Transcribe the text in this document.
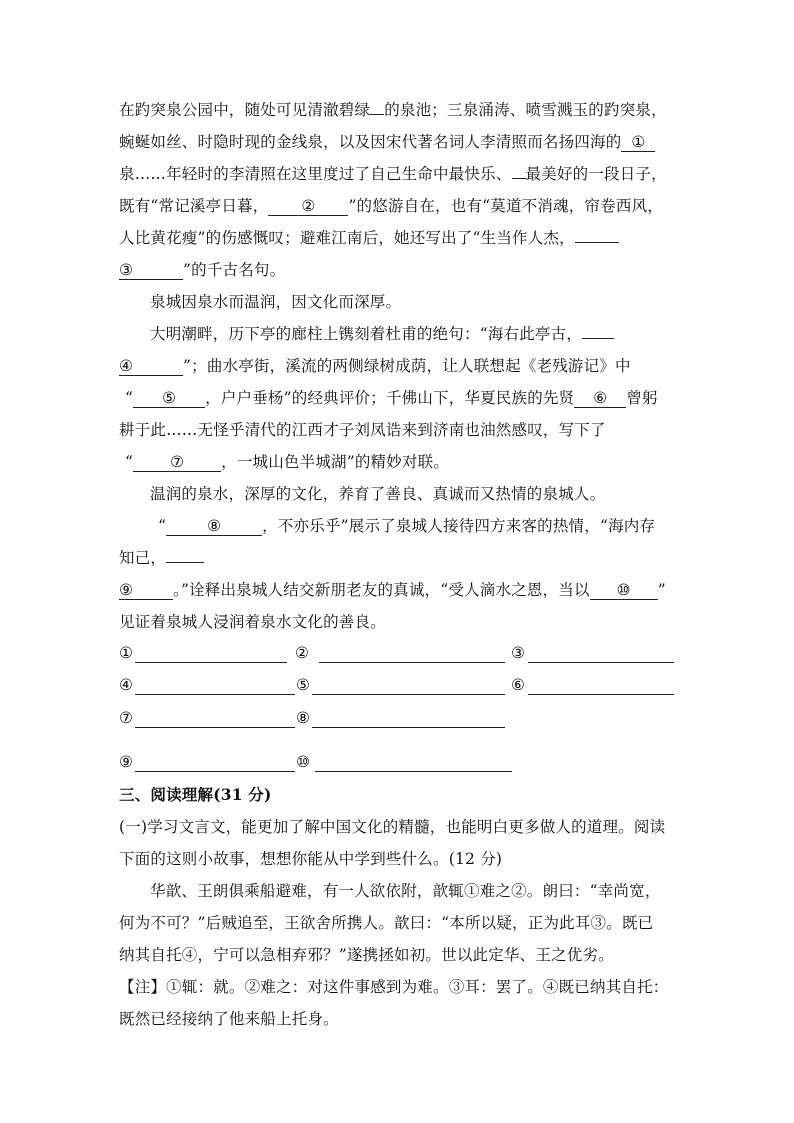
在趵突泉公园中，随处可见清澈碧绿 的泉池；三泉涌涛、喷雪溅玉的趵突泉，
蜿蜒如丝、时隐时现的金线泉，以及因宋代著名词人李清照而名扬四海的 ①
泉……年轻时的李清照在这里度过了自己生命中最快乐、 最美好的一段日子，
既有“常记溪亭日暮， ② ”的悠游自在，也有“莫道不消魂，帘卷西风，
人比黄花瘦”的伤感慨叹；避难江南后，她还写出了“生当作人杰，
③	”的千古名句。
泉城因泉水而温润，因文化而深厚。
大明潮畔，历下亭的廊柱上镌刻着杜甫的绝句：“海右此亭古，
④	”；曲水亭街，溪流的两侧绿树成荫，让人联想起《老残游记》中
“ ⑤ ，户户垂杨”的经典评价；千佛山下，华夏民族的先贤 ⑥ 曾躬
耕于此……无怪乎清代的江西才子刘凤诰来到济南也油然感叹，写下了
“ ⑦ ，一城山色半城湖”的精妙对联。
温润的泉水，深厚的文化，养育了善良、真诚而又热情的泉城人。
“	⑧	，不亦乐乎”展示了泉城人接待四方来客的热情，“海内存
知己，
⑨	。”诠释出泉城人结交新朋老友的真诚，“受人滴水之恩，当以 ⑩ ”
见证着泉城人浸润着泉水文化的善良。
①	②	③
④	⑤	⑥
⑦	⑧
⑨	⑩
三、阅读理解(31 分)
(一)学习文言文，能更加了解中国文化的精髓，也能明白更多做人的道理。阅读
下面的这则小故事，想想你能从中学到些什么。(12 分)
华歆、王朗俱乘船避难，有一人欲依附，歆辄①难之②。朗曰：“幸尚宽，
何为不可？”后贼追至，王欲舍所携人。歆曰：“本所以疑，正为此耳③。既已
纳其自托④，宁可以急相弃邪？”遂携拯如初。世以此定华、王之优劣。
【注】①辄：就。②难之：对这件事感到为难。③耳：罢了。④既已纳其自托：
既然已经接纳了他来船上托身。
